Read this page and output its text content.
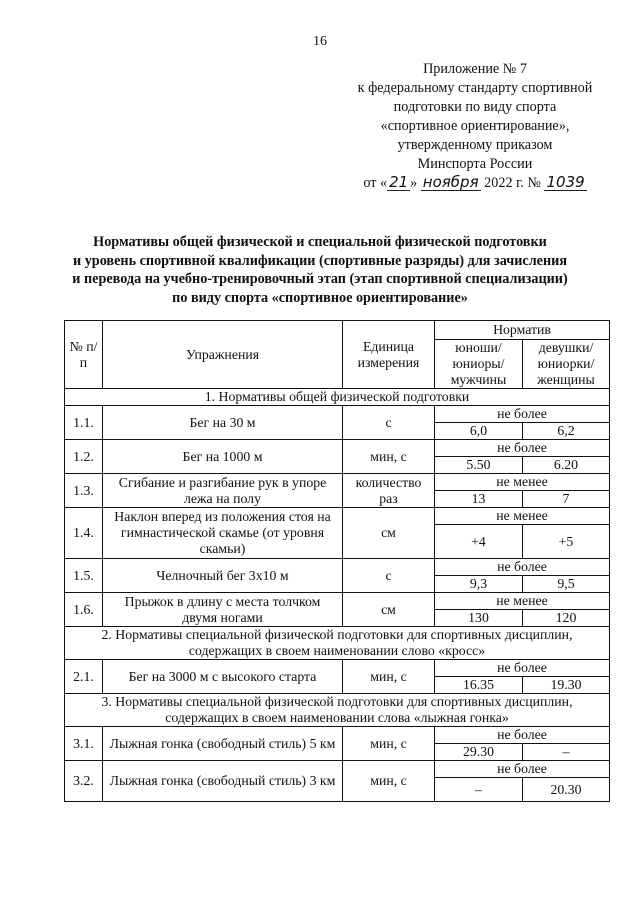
16
Приложение № 7
к федеральному стандарту спортивной
подготовки по виду спорта
«спортивное ориентирование»,
утвержденному приказом
Минспорта России
от « 21 » ноября 2022 г. № 1039
Нормативы общей физической и специальной физической подготовки
и уровень спортивной квалификации (спортивные разряды) для зачисления
и перевода на учебно-тренировочный этап (этап спортивной специализации)
по виду спорта «спортивное ориентирование»
№ п/п	Упражнения	Единица измерения	Норматив	
			юноши/ юниоры/ мужчины	девушки/ юниорки/ женщины
1. Нормативы общей физической подготовки				
1.1.	Бег на 30 м	с	не более	
			6,0	6,2
1.2.	Бег на 1000 м	мин, с	не более	
			5.50	6.20
1.3.	Сгибание и разгибание рук в упоре лежа на полу	количество раз	не менее	
			13	7
1.4.	Наклон вперед из положения стоя на гимнастической скамье (от уровня скамьи)	см	не менее	
			+4	+5
1.5.	Челночный бег 3х10 м	с	не более	
			9,3	9,5
1.6.	Прыжок в длину с места толчком двумя ногами	см	не менее	
			130	120
2. Нормативы специальной физической подготовки для спортивных дисциплин, содержащих в своем наименовании слово «кросс»				
2.1.	Бег на 3000 м с высокого старта	мин, с	не более	
			16.35	19.30
3. Нормативы специальной физической подготовки для спортивных дисциплин, содержащих в своем наименовании слова «лыжная гонка»				
3.1.	Лыжная гонка (свободный стиль) 5 км	мин, с	не более	
			29.30	–
3.2.	Лыжная гонка (свободный стиль) 3 км	мин, с	не более	
			–	20.30
